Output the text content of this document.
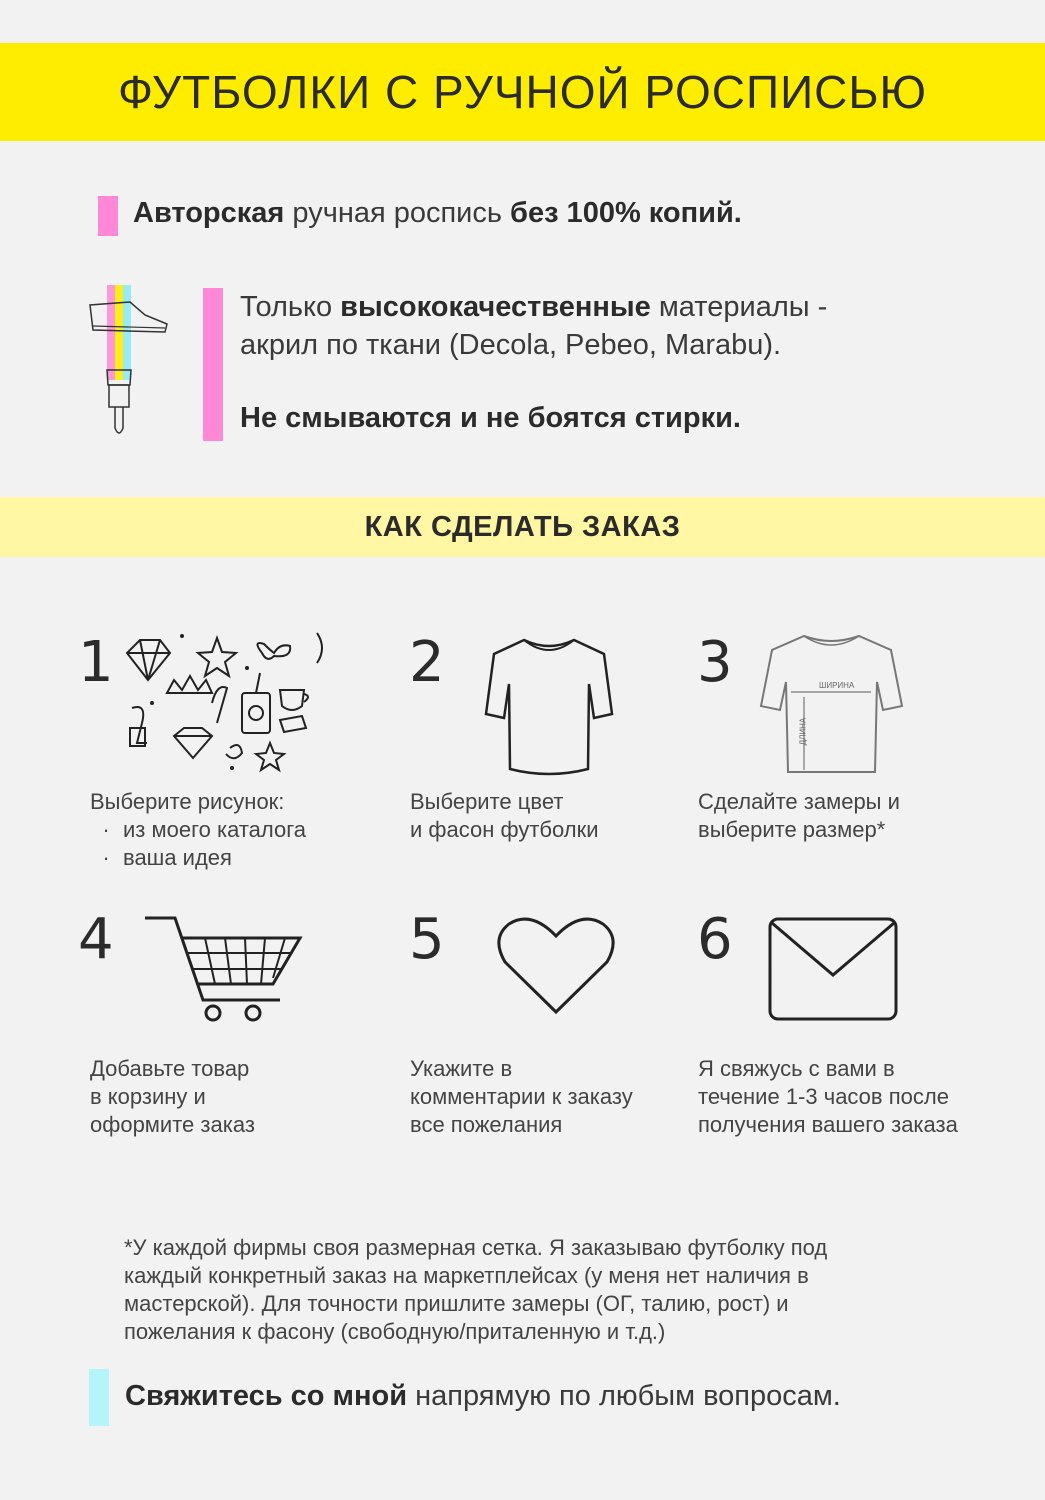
ФУТБОЛКИ С РУЧНОЙ РОСПИСЬЮ
Авторская ручная роспись без 100% копий.
Только высококачественные материалы -
акрил по ткани (Decola, Pebeo, Marabu).
Не смываются и не боятся стирки.
КАК СДЕЛАТЬ ЗАКАЗ
1
Выберите рисунок:
· из моего каталога
· ваша идея
2
Выберите цвет
и фасон футболки
3	ШИРИНА
ДЛИНА
Сделайте замеры и
выберите размер*
4
Добавьте товар
в корзину и
оформите заказ
5
Укажите в
комментарии к заказу
все пожелания
6
Я свяжусь с вами в
течение 1-3 часов после
получения вашего заказа
*У каждой фирмы своя размерная сетка. Я заказываю футболку под
каждый конкретный заказ на маркетплейсах (у меня нет наличия в
мастерской). Для точности пришлите замеры (ОГ, талию, рост) и
пожелания к фасону (свободную/приталенную и т.д.)
Свяжитесь со мной напрямую по любым вопросам.
